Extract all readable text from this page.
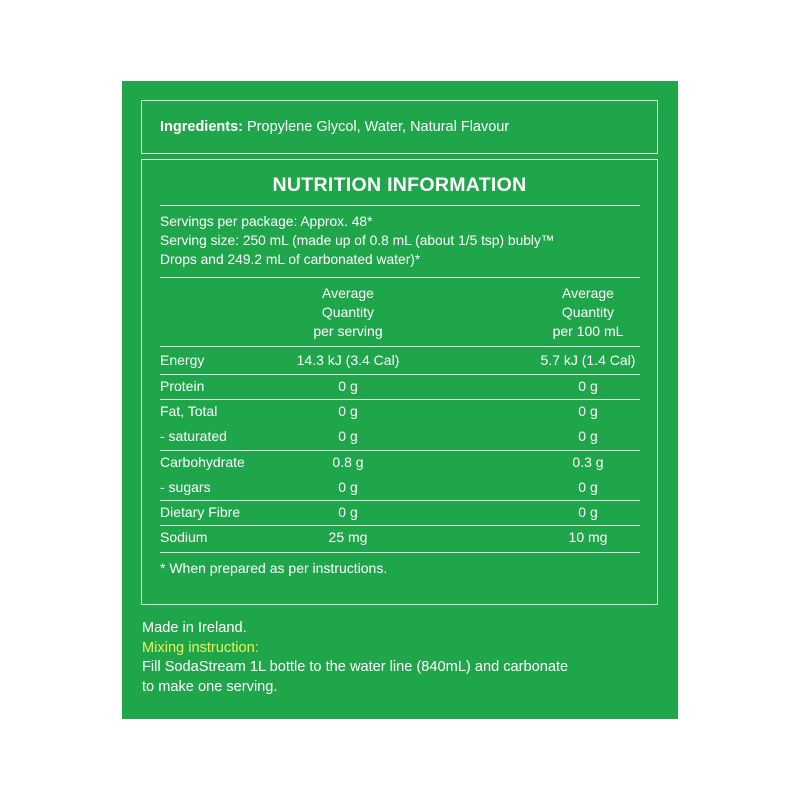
Ingredients: Propylene Glycol, Water, Natural Flavour
NUTRITION INFORMATION
Servings per package: Approx. 48*
Serving size: 250 mL (made up of 0.8 mL (about 1/5 tsp) bubly™
Drops and 249.2 mL of carbonated water)*
Average
Quantity
per serving
Average
Quantity
per 100 mL
Energy	14.3 kJ (3.4 Cal)	5.7 kJ (1.4 Cal)
Protein	0 g	0 g
Fat, Total	0 g	0 g
- saturated	0 g	0 g
Carbohydrate	0.8 g	0.3 g
- sugars	0 g	0 g
Dietary Fibre	0 g	0 g
Sodium	25 mg	10 mg
* When prepared as per instructions.
Made in Ireland.
Mixing instruction:
Fill SodaStream 1L bottle to the water line (840mL) and carbonate
to make one serving.
